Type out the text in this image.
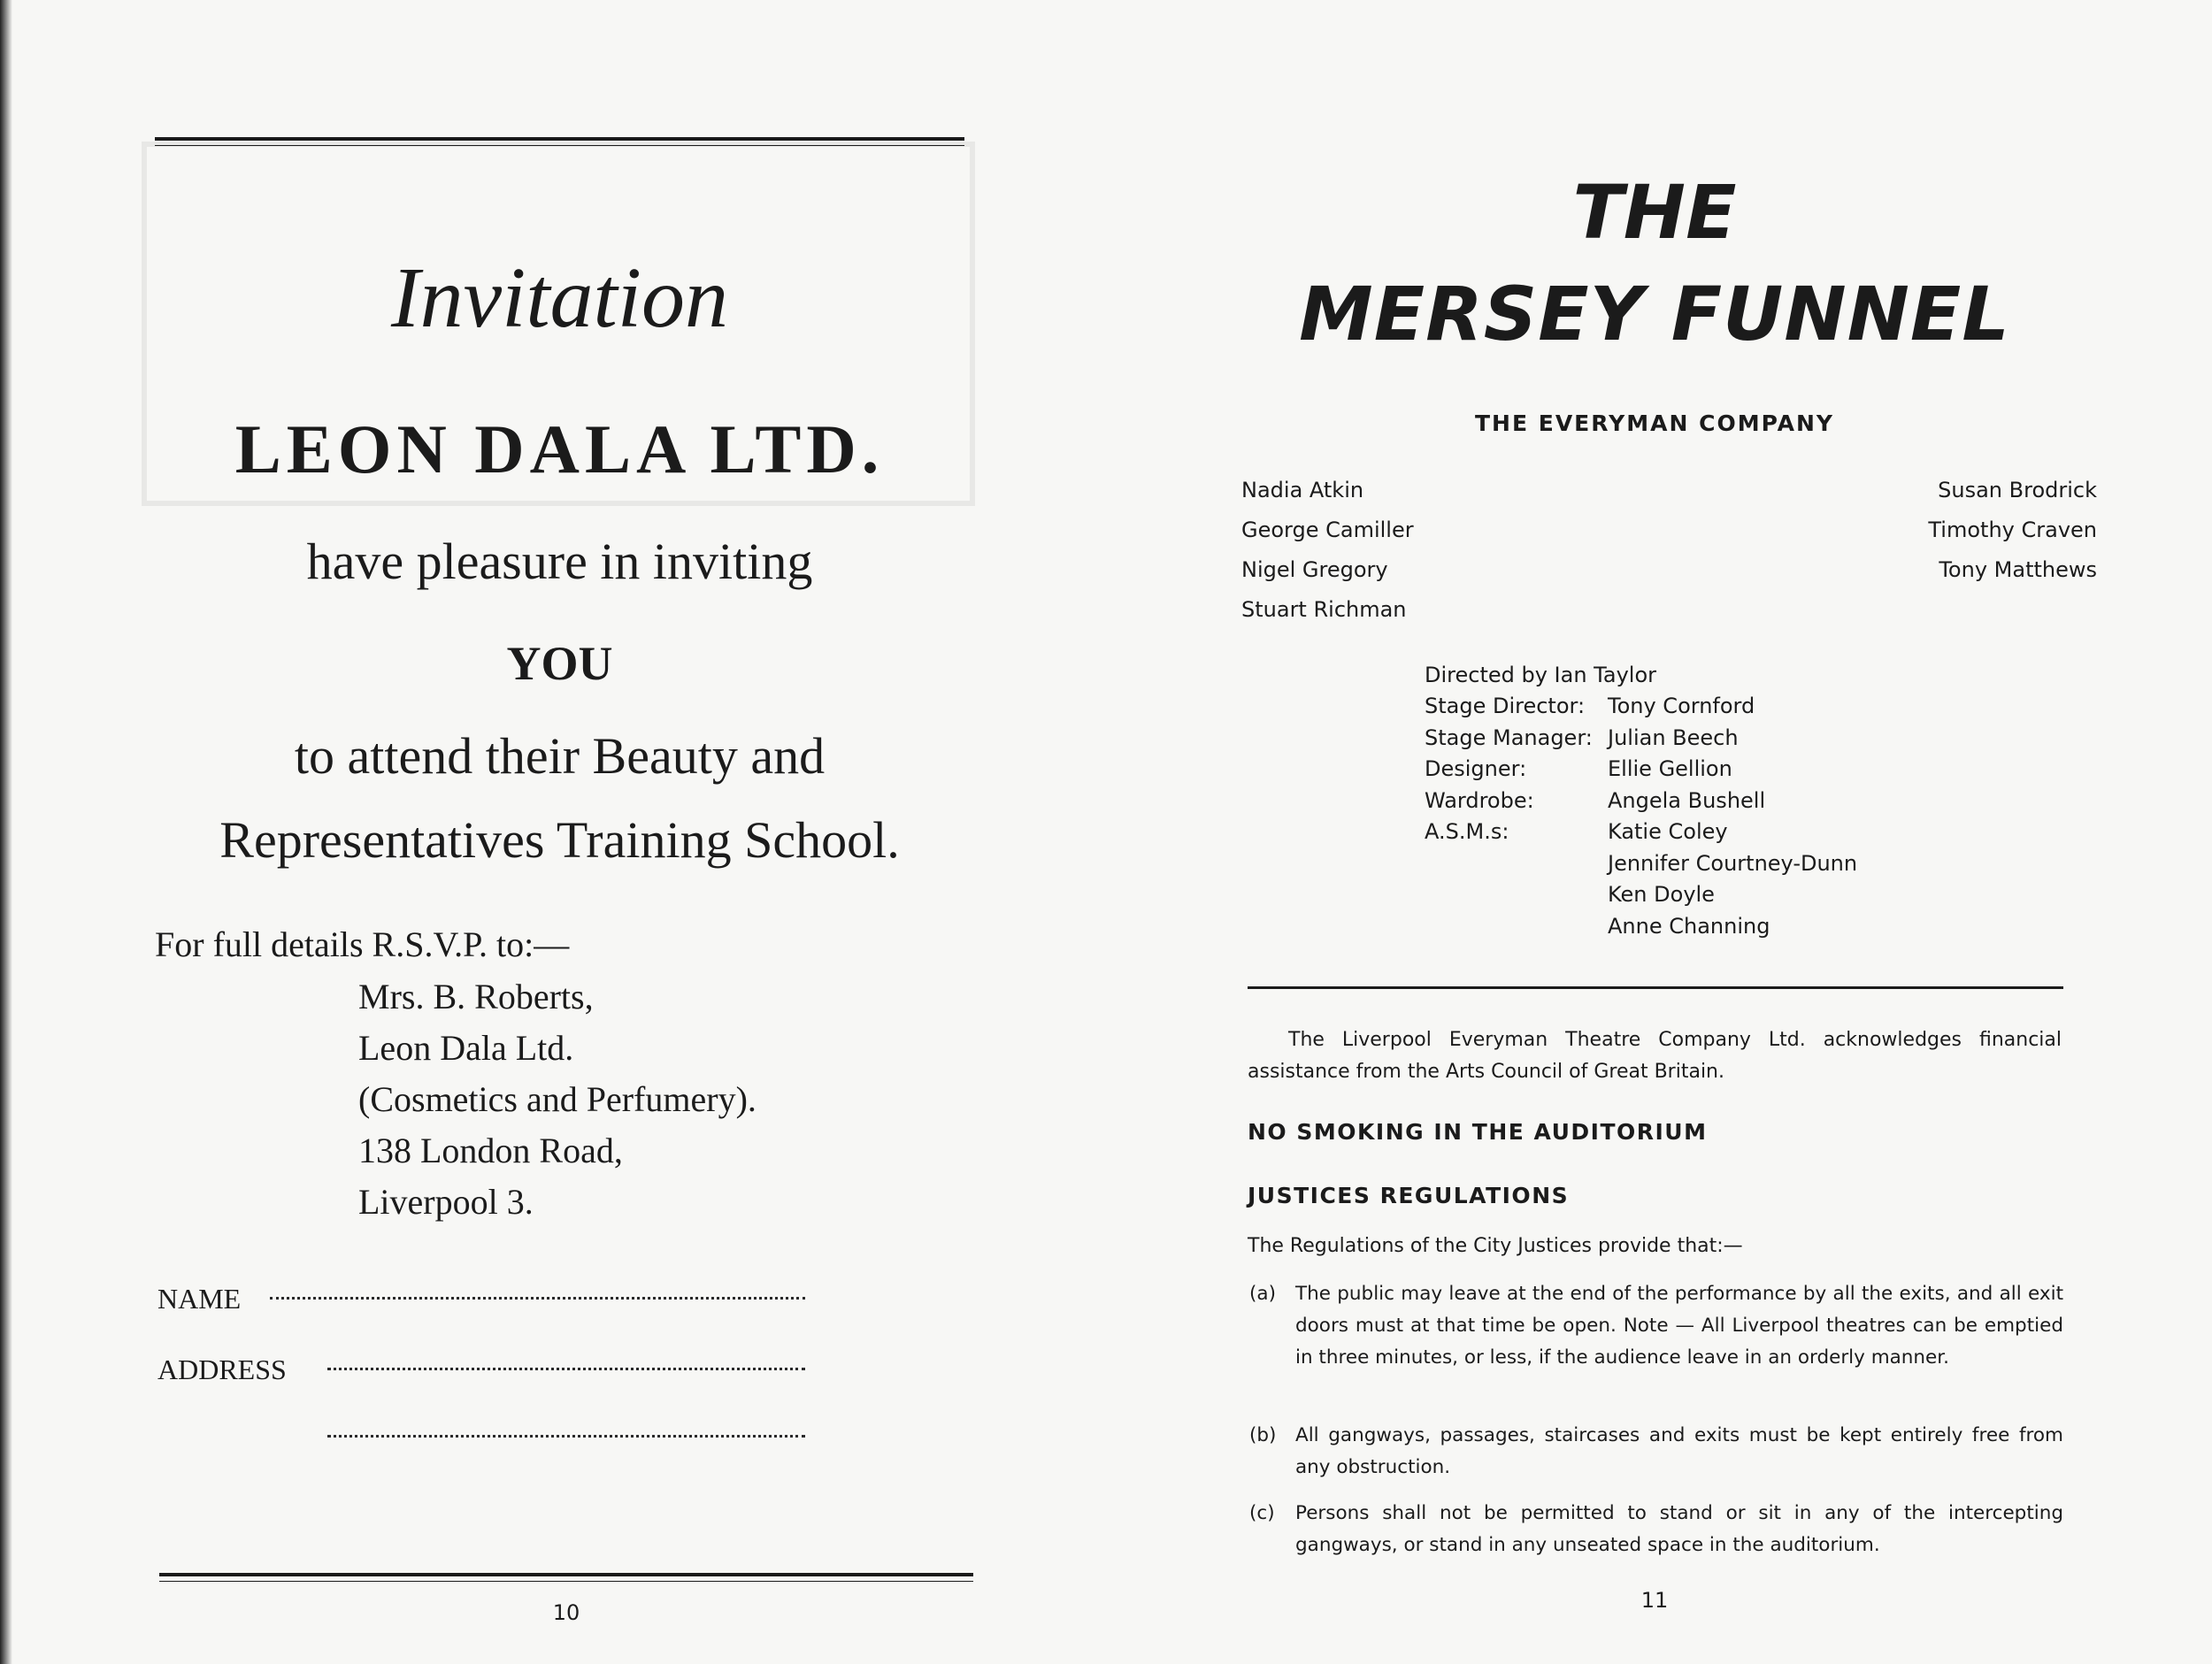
Invitation
LEON DALA LTD.
have pleasure in inviting
YOU
to attend their Beauty and
Representatives Training School.
For full details R.S.V.P. to:—
Mrs. B. Roberts,
Leon Dala Ltd.
(Cosmetics and Perfumery).
138 London Road,
Liverpool 3.
NAME
ADDRESS
10
THE
MERSEY FUNNEL
THE EVERYMAN COMPANY
Nadia Atkin
George Camiller
Nigel Gregory
Stuart Richman
Susan Brodrick
Timothy Craven
Tony Matthews
Directed by Ian Taylor
Stage Director: Tony Cornford
Stage Manager: Julian Beech
Designer:	Ellie Gellion
Wardrobe:	Angela Bushell
A.S.M.s:	Katie Coley
Jennifer Courtney-Dunn
Ken Doyle
Anne Channing
The Liverpool Everyman Theatre Company Ltd. acknowledges financial assistance from the Arts Council of Great Britain.
NO SMOKING IN THE AUDITORIUM
JUSTICES REGULATIONS
The Regulations of the City Justices provide that:—
(a) The public may leave at the end of the performance by all the exits, and all exit doors must at that time be open. Note — All Liverpool theatres can be emptied in three minutes, or less, if the audience leave in an orderly manner.
(b) All gangways, passages, staircases and exits must be kept entirely free from any obstruction.
(c) Persons shall not be permitted to stand or sit in any of the intercepting gangways, or stand in any unseated space in the auditorium.
11
